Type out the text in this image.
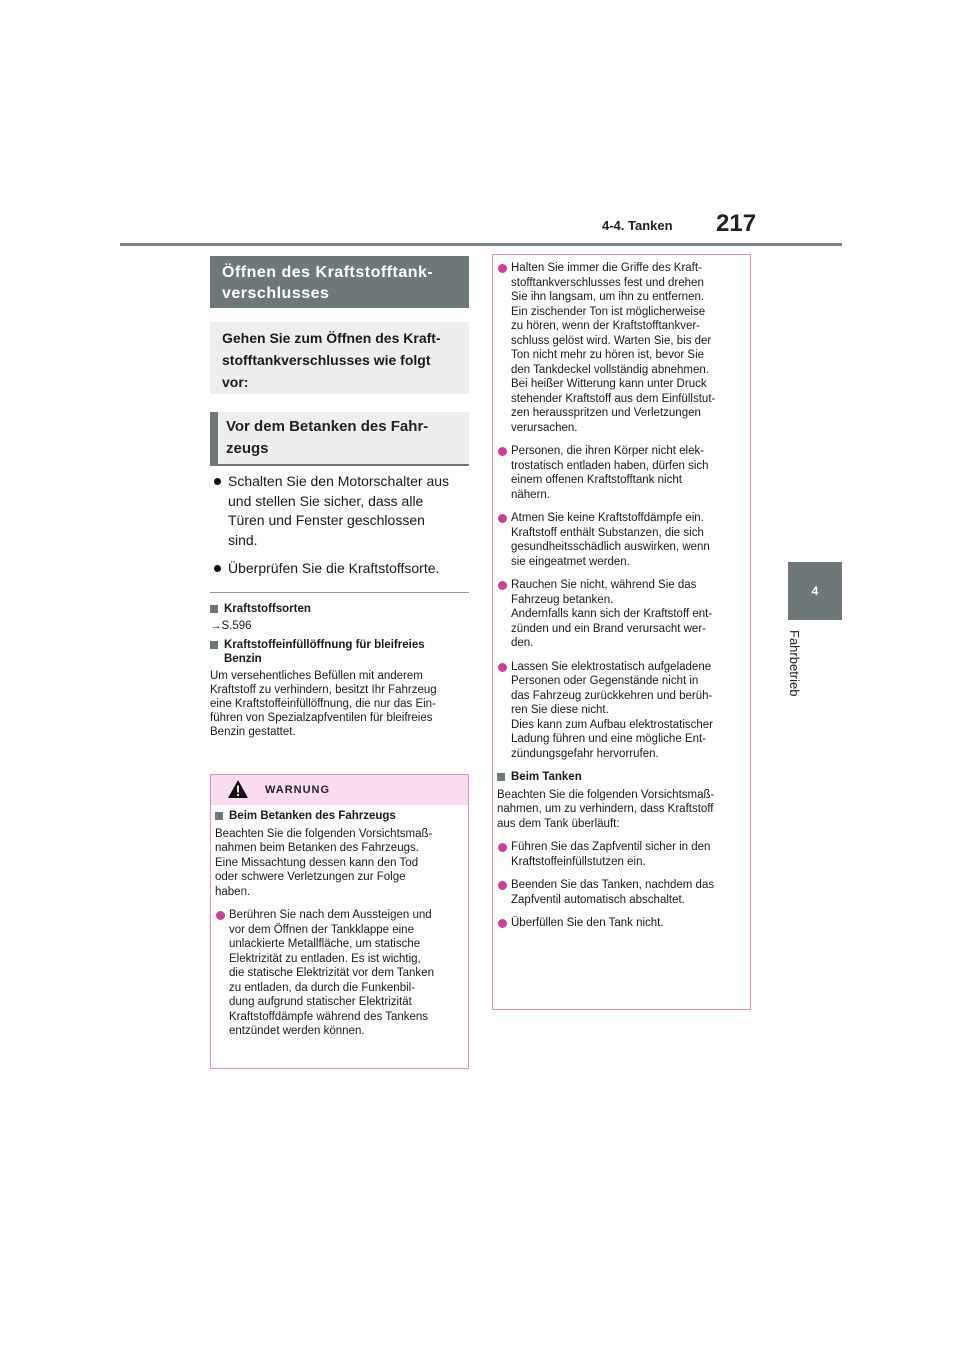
4-4. Tanken 217
4
Fahrbetrieb
Öffnen des Kraftstofftank-
verschlusses
Gehen Sie zum Öffnen des Kraft-
stofftankverschlusses wie folgt
vor:
Vor dem Betanken des Fahr-
zeugs
Schalten Sie den Motorschalter aus
und stellen Sie sicher, dass alle
Türen und Fenster geschlossen
sind.
Überprüfen Sie die Kraftstoffsorte.
Kraftstoffsorten
→S.596
Kraftstoffeinfüllöffnung für bleifreies
Benzin
Um versehentliches Befüllen mit anderem
Kraftstoff zu verhindern, besitzt Ihr Fahrzeug
eine Kraftstoffeinfüllöffnung, die nur das Ein-
führen von Spezialzapfventilen für bleifreies
Benzin gestattet.
WARNUNG
Beim Betanken des Fahrzeugs
Beachten Sie die folgenden Vorsichtsmaß-
nahmen beim Betanken des Fahrzeugs.
Eine Missachtung dessen kann den Tod
oder schwere Verletzungen zur Folge
haben.
Berühren Sie nach dem Aussteigen und
vor dem Öffnen der Tankklappe eine
unlackierte Metallfläche, um statische
Elektrizität zu entladen. Es ist wichtig,
die statische Elektrizität vor dem Tanken
zu entladen, da durch die Funkenbil-
dung aufgrund statischer Elektrizität
Kraftstoffdämpfe während des Tankens
entzündet werden können.
Halten Sie immer die Griffe des Kraft-
stofftankverschlusses fest und drehen
Sie ihn langsam, um ihn zu entfernen.
Ein zischender Ton ist möglicherweise
zu hören, wenn der Kraftstofftankver-
schluss gelöst wird. Warten Sie, bis der
Ton nicht mehr zu hören ist, bevor Sie
den Tankdeckel vollständig abnehmen.
Bei heißer Witterung kann unter Druck
stehender Kraftstoff aus dem Einfüllstut-
zen herausspritzen und Verletzungen
verursachen.
Personen, die ihren Körper nicht elek-
trostatisch entladen haben, dürfen sich
einem offenen Kraftstofftank nicht
nähern.
Atmen Sie keine Kraftstoffdämpfe ein.
Kraftstoff enthält Substanzen, die sich
gesundheitsschädlich auswirken, wenn
sie eingeatmet werden.
Rauchen Sie nicht, während Sie das
Fahrzeug betanken.
Andernfalls kann sich der Kraftstoff ent-
zünden und ein Brand verursacht wer-
den.
Lassen Sie elektrostatisch aufgeladene
Personen oder Gegenstände nicht in
das Fahrzeug zurückkehren und berüh-
ren Sie diese nicht.
Dies kann zum Aufbau elektrostatischer
Ladung führen und eine mögliche Ent-
zündungsgefahr hervorrufen.
Beim Tanken
Beachten Sie die folgenden Vorsichtsmaß-
nahmen, um zu verhindern, dass Kraftstoff
aus dem Tank überläuft:
Führen Sie das Zapfventil sicher in den
Kraftstoffeinfüllstutzen ein.
Beenden Sie das Tanken, nachdem das
Zapfventil automatisch abschaltet.
Überfüllen Sie den Tank nicht.
